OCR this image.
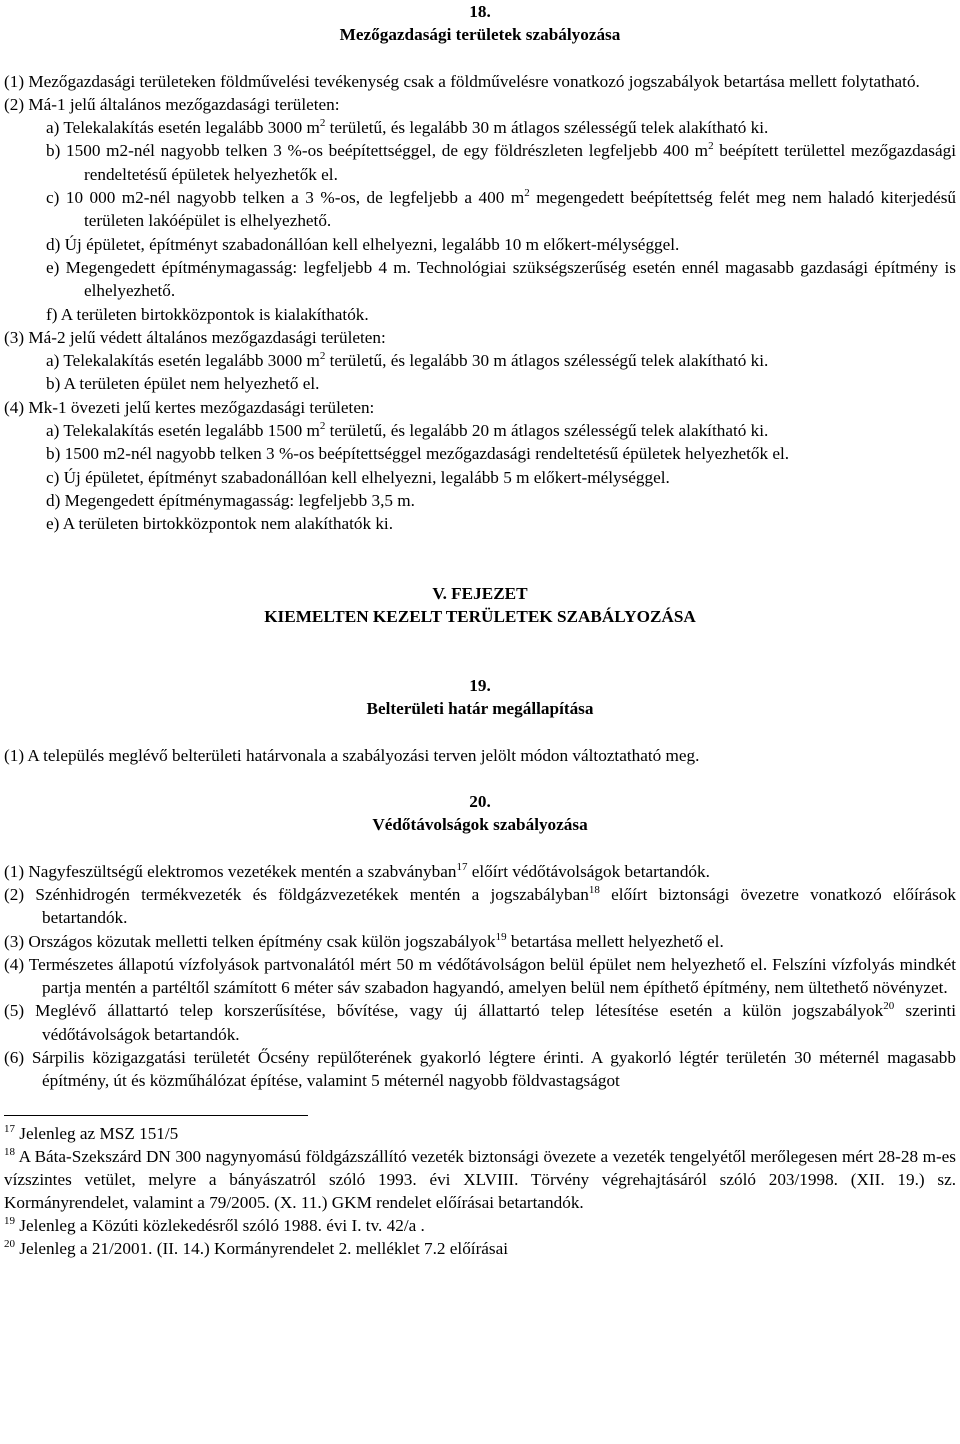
18.

Mezőgazdasági területek szabályozása

(1) Mezőgazdasági területeken földművelési tevékenység csak a földművelésre vonatkozó jogszabályok betartása mellett folytatható.

(2) Má-1 jelű általános mezőgazdasági területen:

a) Telekalakítás esetén legalább 3000 $m^2$ területű, és legalább 30 m átlagos szélességű telek alakítható ki.

b) 1500 m2-nél nagyobb telken 3 %-os beépítettséggel, de egy földrészleten legfeljebb 400 $m^2$ beépített területtel mezőgazdasági rendeltetésű épületek helyezhetők el.

c) 10 000 m2-nél nagyobb telken a 3 %-os, de legfeljebb a 400 $m^2$ megengedett beépítettség felét meg nem haladó kiterjedésű területen lakóépület is elhelyezhető.

d) Új épületet, építményt szabadonállóan kell elhelyezni, legalább 10 m előkert-mélységgel.

e) Megengedett építménymagasság: legfeljebb 4 m. Technológiai szükségszerűség esetén ennél magasabb gazdasági építmény is elhelyezhető.

f) A területen birtokközpontok is kialakíthatók.

(3) Má-2 jelű védett általános mezőgazdasági területen:

a) Telekalakítás esetén legalább 3000 $m^2$ területű, és legalább 30 m átlagos szélességű telek alakítható ki.

b) A területen épület nem helyezhető el.

(4) Mk-1 övezeti jelű kertes mezőgazdasági területen:

a) Telekalakítás esetén legalább 1500 $m^2$ területű, és legalább 20 m átlagos szélességű telek alakítható ki.

b) 1500 m2-nél nagyobb telken 3 %-os beépítettséggel mezőgazdasági rendeltetésű épületek helyezhetők el.

c) Új épületet, építményt szabadonállóan kell elhelyezni, legalább 5 m előkert-mélységgel.

d) Megengedett építménymagasság: legfeljebb 3,5 m.

e) A területen birtokközpontok nem alakíthatók ki.

V. FEJEZET

KIEMELTEN KEZELT TERÜLETEK SZABÁLYOZÁSA

19.

Belterületi határ megállapítása

(1) A település meglévő belterületi határvonala a szabályozási terven jelölt módon változtatható meg.

20.

Védőtávolságok szabályozása

(1) Nagyfeszültségű elektromos vezetékek mentén a szabványban$^{17}$ előírt védőtávolságok betartandók.

(2) Szénhidrogén termékvezeték és földgázvezetékek mentén a jogszabályban$^{18}$ előírt biztonsági övezetre vonatkozó előírások betartandók.

(3) Országos közutak melletti telken építmény csak külön jogszabályok$^{19}$ betartása mellett helyezhető el.

(4) Természetes állapotú vízfolyások partvonalától mért 50 m védőtávolságon belül épület nem helyezhető el. Felszíni vízfolyás mindkét partja mentén a partéltől számított 6 méter sáv szabadon hagyandó, amelyen belül nem építhető építmény, nem ültethető növényzet.

(5) Meglévő állattartó telep korszerűsítése, bővítése, vagy új állattartó telep létesítése esetén a külön jogszabályok$^{20}$ szerinti védőtávolságok betartandók.

(6) Sárpilis közigazgatási területét Őcsény repülőterének gyakorló légtere érinti. A gyakorló légtér területén 30 méternél magasabb építmény, út és közműhálózat építése, valamint 5 méternél nagyobb földvastagságot

$^{17}$ Jelenleg az MSZ 151/5

$^{18}$ A Báta-Szekszárd DN 300 nagynyomású földgázszállító vezeték biztonsági övezete a vezeték tengelyétől merőlegesen mért 28-28 m-es vízszintes vetület, melyre a bányászatról szóló 1993. évi XLVIII. Törvény végrehajtásáról szóló 203/1998. (XII. 19.) sz. Kormányrendelet, valamint a 79/2005. (X. 11.) GKM rendelet előírásai betartandók.

$^{19}$ Jelenleg a Közúti közlekedésről szóló 1988. évi I. tv. 42/a .

$^{20}$ Jelenleg a 21/2001. (II. 14.) Kormányrendelet 2. melléklet 7.2 előírásai
